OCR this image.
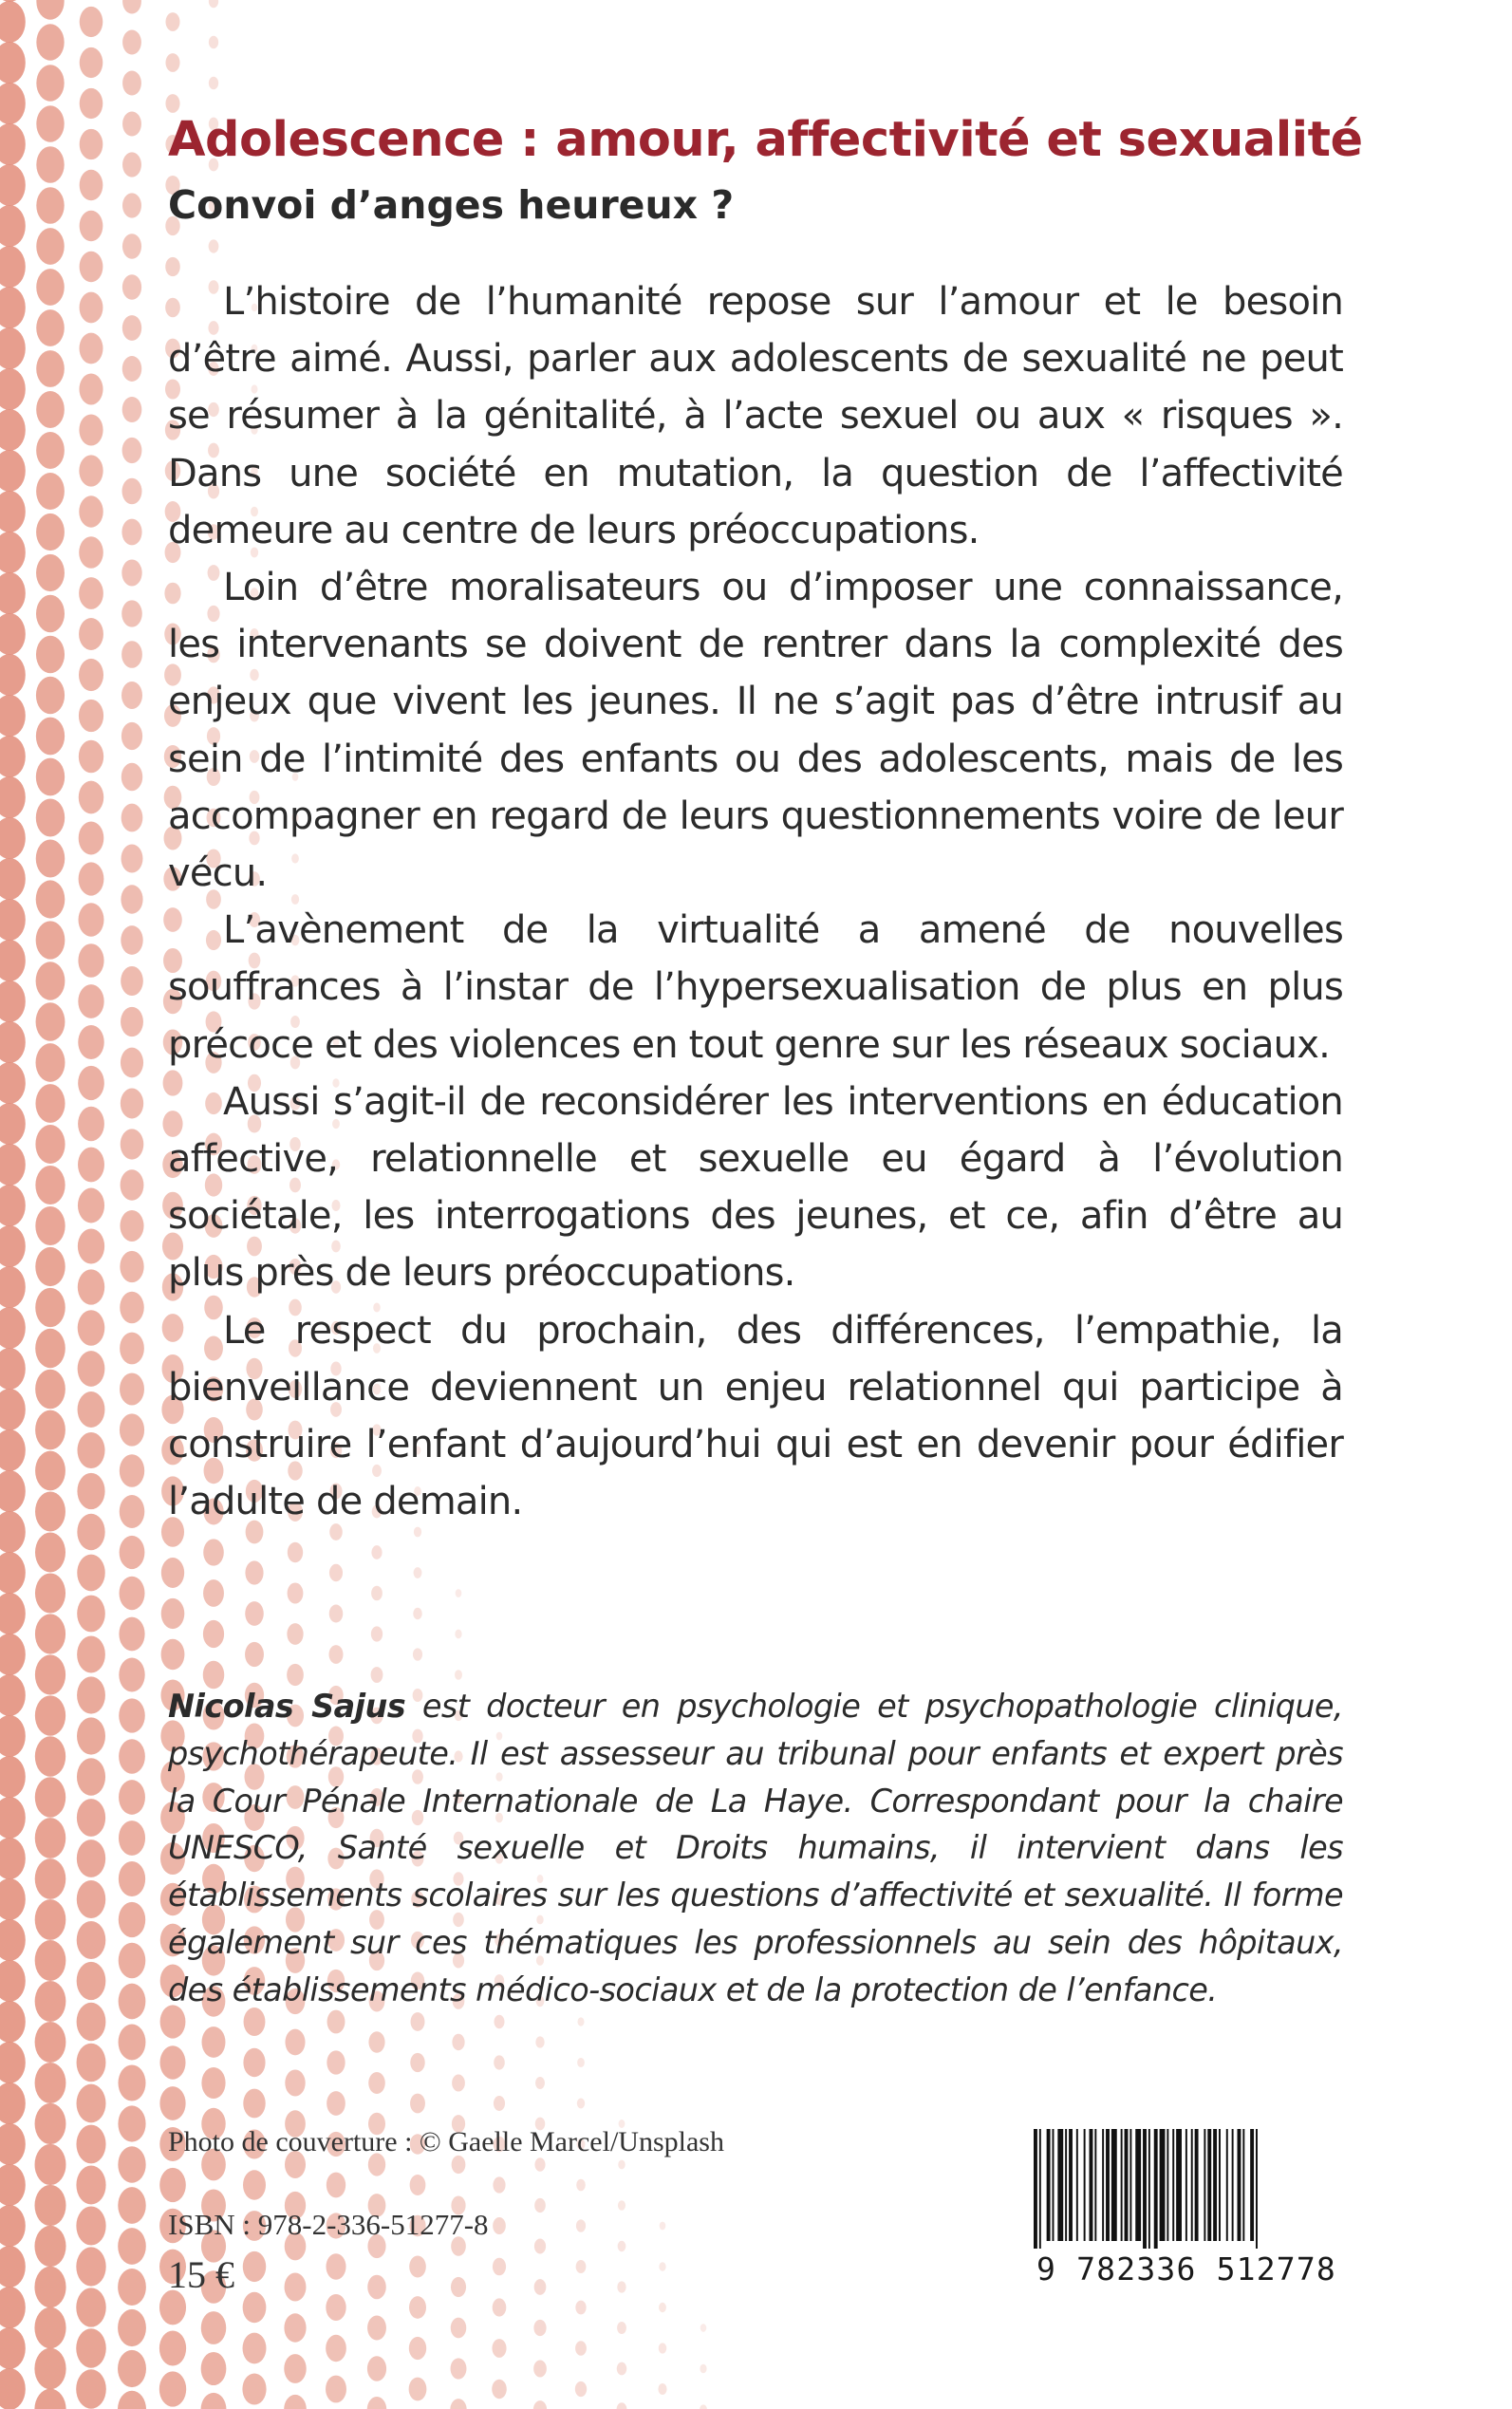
Adolescence : amour, affectivité et sexualité
Convoi d’anges heureux ?

L’histoire de l’humanité repose sur l’amour et le besoin d’être aimé. Aussi, parler aux adolescents de sexualité ne peut se résumer à la génitalité, à l’acte sexuel ou aux « risques ». Dans une société en mutation, la question de l’affectivité demeure au centre de leurs préoccupations.

Loin d’être moralisateurs ou d’imposer une connaissance, les intervenants se doivent de rentrer dans la complexité des enjeux que vivent les jeunes. Il ne s’agit pas d’être intrusif au sein de l’intimité des enfants ou des adolescents, mais de les accompagner en regard de leurs questionnements voire de leur vécu.

L’avènement de la virtualité a amené de nouvelles souffrances à l’instar de l’hypersexualisation de plus en plus précoce et des violences en tout genre sur les réseaux sociaux.

Aussi s’agit-il de reconsidérer les interventions en éducation affective, relationnelle et sexuelle eu égard à l’évolution sociétale, les interrogations des jeunes, et ce, afin d’être au plus près de leurs préoccupations.

Le respect du prochain, des différences, l’empathie, la bienveillance deviennent un enjeu relationnel qui participe à construire l’enfant d’aujourd’hui qui est en devenir pour édifier l’adulte de demain.

Nicolas Sajus est docteur en psychologie et psychopathologie clinique, psychothérapeute. Il est assesseur au tribunal pour enfants et expert près la Cour Pénale Internationale de La Haye. Correspondant pour la chaire UNESCO, Santé sexuelle et Droits humains, il intervient dans les établissements scolaires sur les questions d’affectivité et sexualité. Il forme également sur ces thématiques les professionnels au sein des hôpitaux, des établissements médico-sociaux et de la protection de l’enfance.

Photo de couverture : © Gaelle Marcel/Unsplash
ISBN : 978-2-336-51277-8
15 €	9 782336 512778
